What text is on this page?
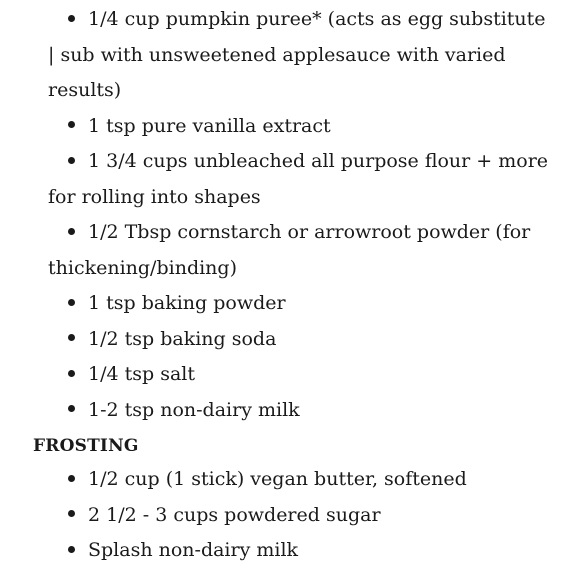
1/4 cup pumpkin puree* (acts as egg substitute | sub with unsweetened applesauce with varied results)
1 tsp pure vanilla extract
1 3/4 cups unbleached all purpose flour + more for rolling into shapes
1/2 Tbsp cornstarch or arrowroot powder (for thickening/binding)
1 tsp baking powder
1/2 tsp baking soda
1/4 tsp salt
1-2 tsp non-dairy milk
FROSTING
1/2 cup (1 stick) vegan butter, softened
2 1/2 - 3 cups powdered sugar
Splash non-dairy milk
